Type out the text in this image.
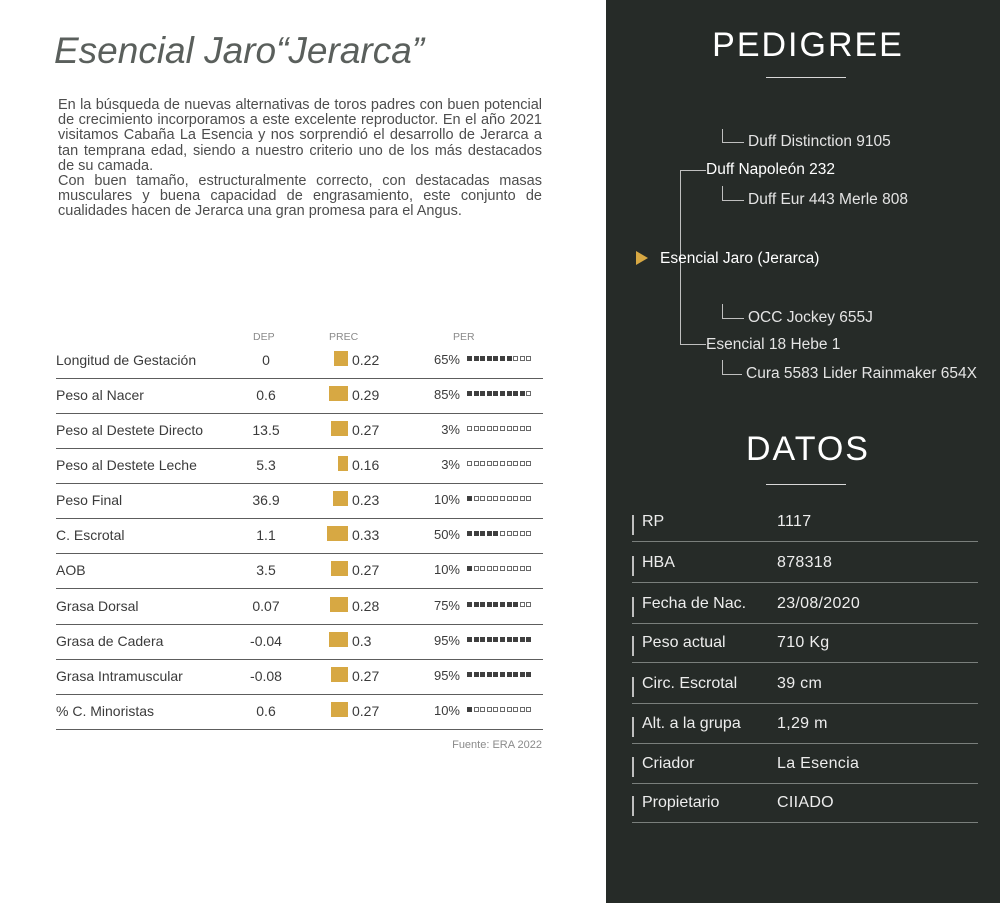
Esencial Jaro“Jerarca”

En la búsqueda de nuevas alternativas de toros padres con buen potencial de crecimiento incorporamos a este excelente reproductor. En el año 2021 visitamos Cabaña La Esencia y nos sorprendió el desarrollo de Jerarca a tan temprana edad, siendo a nuestro criterio uno de los más destacados de su camada.

Con buen tamaño, estructuralmente correcto, con destacadas masas musculares y buena capacidad de engrasamiento, este conjunto de cualidades hacen de Jerarca una gran promesa para el Angus.

DEP	PREC	PER
Longitud de Gestación	0	0.22	65%
Peso al Nacer	0.6	0.29	85%
Peso al Destete Directo	13.5	0.27	3%
Peso al Destete Leche	5.3	0.16	3%
Peso Final	36.9	0.23	10%
C. Escrotal	1.1	0.33	50%
AOB	3.5	0.27	10%
Grasa Dorsal	0.07	0.28	75%
Grasa de Cadera	-0.04	0.3	95%
Grasa Intramuscular	-0.08	0.27	95%
% C. Minoristas	0.6	0.27	10%
Fuente: ERA 2022
PEDIGREE
Duff Distinction 9105
Duff Napoleón 232
Duff Eur 443 Merle 808
Esencial Jaro (Jerarca)
OCC Jockey 655J
Esencial 18 Hebe 1
Cura 5583 Lider Rainmaker 654X
DATOS
RP	1117
HBA	878318
Fecha de Nac. 23/08/2020
Peso actual	710 Kg
Circ. Escrotal 39 cm
Alt. a la grupa 1,29 m
Criador	La Esencia
Propietario	CIIADO
